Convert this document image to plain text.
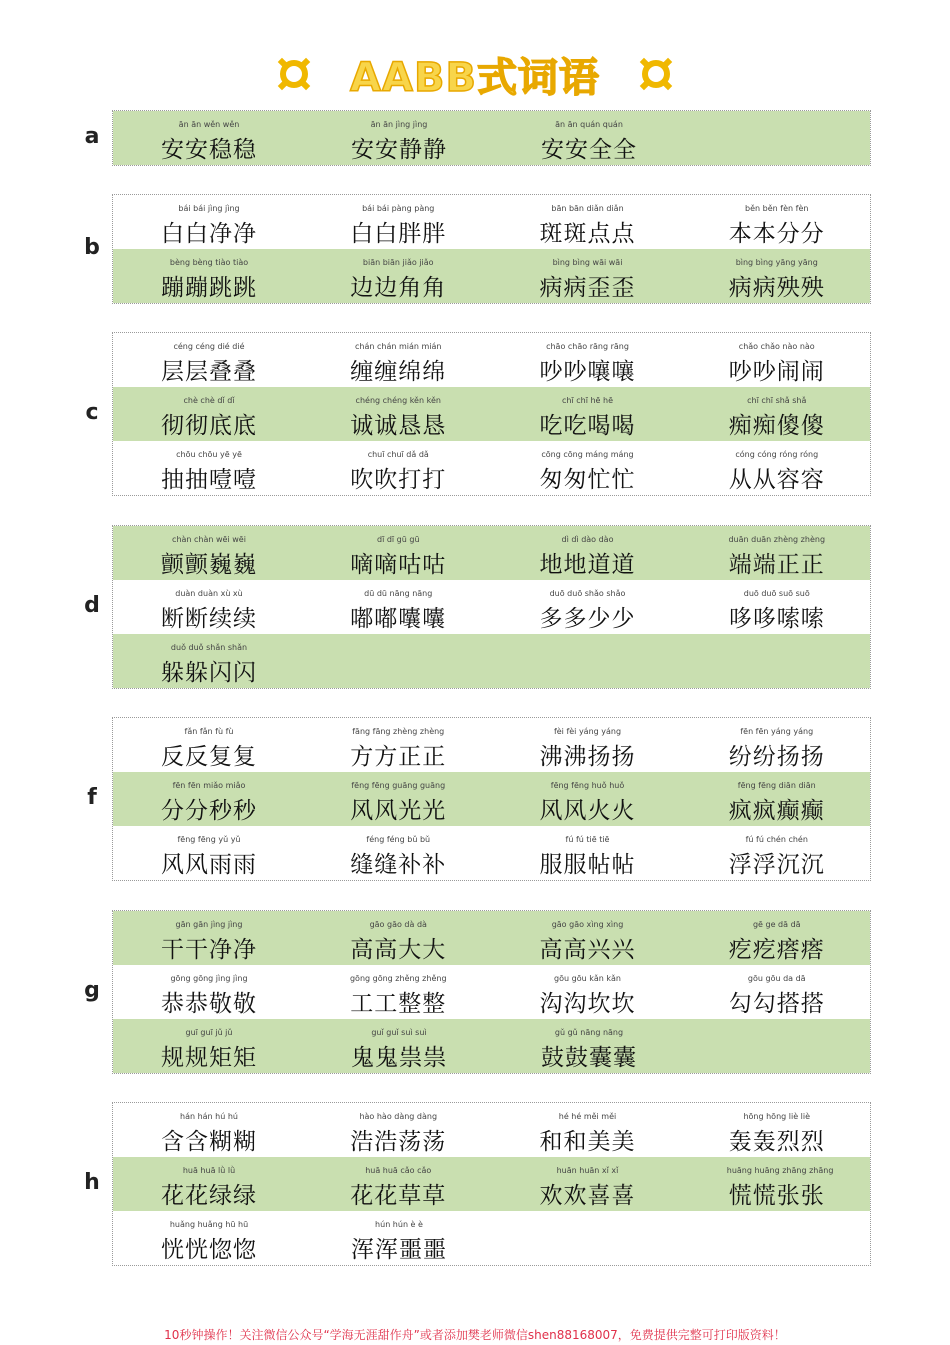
AABB式词语
a	ān ān wěn wěn
安安稳稳
ān ān jìng jìng
安安静静
ān ān quán quán
安安全全
b
bái bái jìng jìng
白白净净
bái bái pàng pàng
白白胖胖
bān bān diǎn diǎn
斑斑点点
běn běn fèn fèn
本本分分
bèng bèng tiào tiào
蹦蹦跳跳
biān biān jiǎo jiǎo
边边角角
bìng bìng wāi wāi
病病歪歪
bìng bìng yāng yāng
病病殃殃
c
céng céng dié dié
层层叠叠
chán chán mián mián
缠缠绵绵
chāo chāo rāng rāng
吵吵嚷嚷
chǎo chǎo nào nào
吵吵闹闹
chè chè dǐ dǐ
彻彻底底
chéng chéng kěn kěn
诚诚恳恳
chī chī hē hē
吃吃喝喝
chī chī shǎ shǎ
痴痴傻傻
chōu chōu yē yē
抽抽噎噎
chuī chuī dǎ dǎ
吹吹打打
cōng cōng máng máng
匆匆忙忙
cóng cóng róng róng
从从容容
d
chàn chàn wēi wēi
颤颤巍巍
dī dī gū gū
嘀嘀咕咕
dì dì dào dào
地地道道
duān duān zhèng zhèng
端端正正
duàn duàn xù xù
断断续续
dū dū nāng nāng
嘟嘟囔囔
duō duō shǎo shǎo
多多少少
duō duō suō suō
哆哆嗦嗦
duǒ duǒ shǎn shǎn
躲躲闪闪
f
fǎn fǎn fù fù
反反复复
fāng fāng zhèng zhèng
方方正正
fèi fèi yáng yáng
沸沸扬扬
fēn fēn yáng yáng
纷纷扬扬
fēn fēn miǎo miǎo
分分秒秒
fēng fēng guāng guāng
风风光光
fēng fēng huǒ huǒ
风风火火
fēng fēng diān diān
疯疯癫癫
fēng fēng yǔ yǔ
风风雨雨
féng féng bǔ bǔ
缝缝补补
fú fú tiē tiē
服服帖帖
fú fú chén chén
浮浮沉沉
g
gān gān jìng jìng
干干净净
gāo gāo dà dà
高高大大
gāo gāo xìng xìng
高高兴兴
gē ge dā dā
疙疙瘩瘩
gōng gōng jìng jìng
恭恭敬敬
gōng gōng zhěng zhěng
工工整整
gōu gōu kǎn kǎn
沟沟坎坎
gōu gōu da dā
勾勾搭搭
guī guī jǔ jǔ
规规矩矩
guǐ guǐ suì suì
鬼鬼祟祟
gǔ gǔ nāng nāng
鼓鼓囊囊
h
hán hán hú hú
含含糊糊
hào hào dàng dàng
浩浩荡荡
hé hé měi měi
和和美美
hōng hōng liè liè
轰轰烈烈
huā huā lǜ lǜ
花花绿绿
huā huā cǎo cǎo
花花草草
huān huān xǐ xǐ
欢欢喜喜
huāng huāng zhāng zhāng
慌慌张张
huǎng huǎng hū hū
恍恍惚惚
hún hún è è
浑浑噩噩
10秒钟操作！关注微信公众号“学海无涯甜作舟”或者添加樊老师微信shen88168007，免费提供完整可打印版资料！
